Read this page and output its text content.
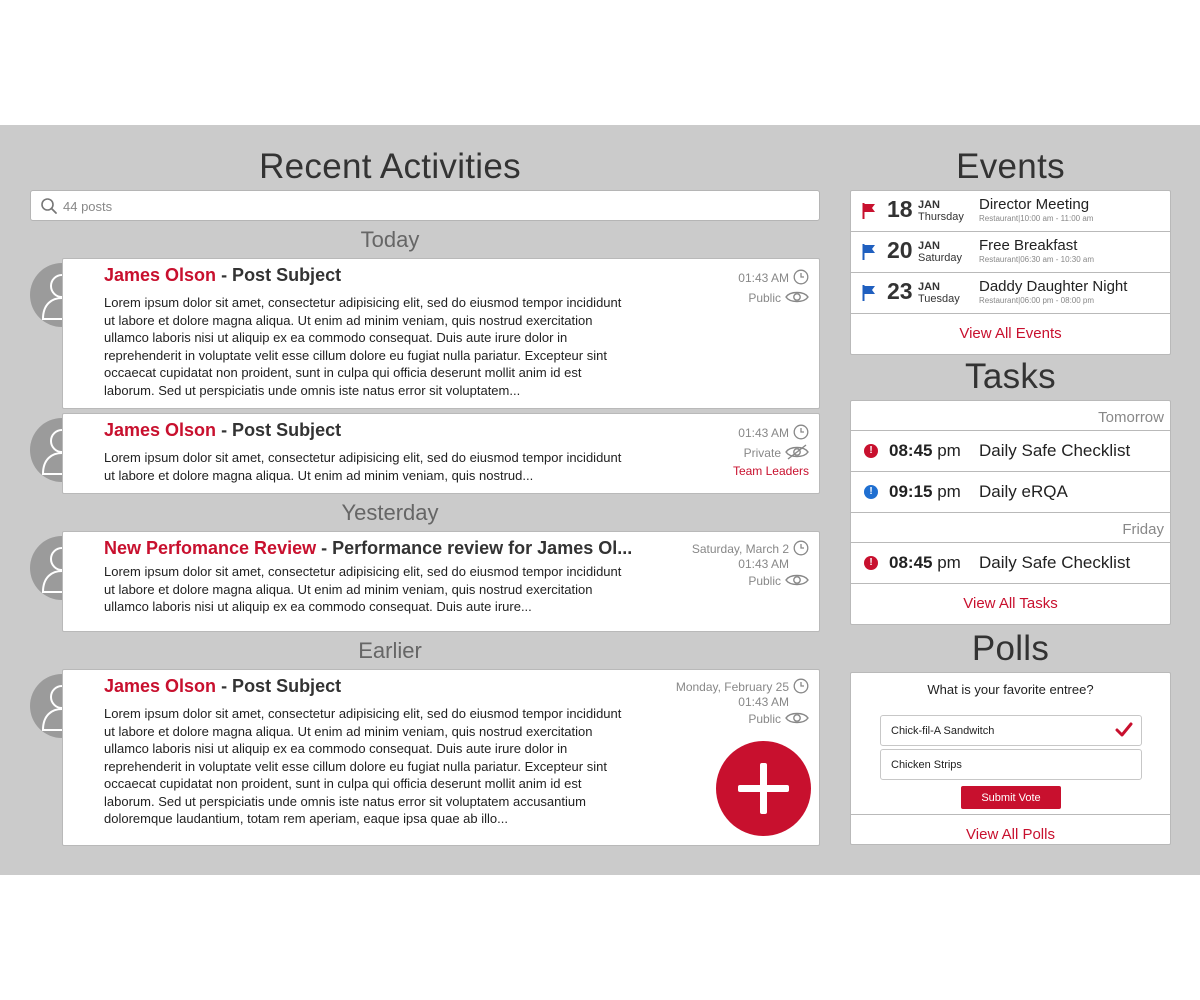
Recent Activities
44 posts
Today
James Olson - Post Subject
Lorem ipsum dolor sit amet, consectetur adipisicing elit, sed do eiusmod tempor incididunt ut labore et dolore magna aliqua. Ut enim ad minim veniam, quis nostrud exercitation ullamco laboris nisi ut aliquip ex ea commodo consequat. Duis aute irure dolor in reprehenderit in voluptate velit esse cillum dolore eu fugiat nulla pariatur. Excepteur sint occaecat cupidatat non proident, sunt in culpa qui officia deserunt mollit anim id est laborum. Sed ut perspiciatis unde omnis iste natus error sit voluptatem...
01:43 AM
Public
James Olson - Post Subject
Lorem ipsum dolor sit amet, consectetur adipisicing elit, sed do eiusmod tempor incididunt ut labore et dolore magna aliqua. Ut enim ad minim veniam, quis nostrud...
01:43 AM
Private
Team Leaders
Yesterday
New Perfomance Review - Performance review for James Ol...
Lorem ipsum dolor sit amet, consectetur adipisicing elit, sed do eiusmod tempor incididunt ut labore et dolore magna aliqua. Ut enim ad minim veniam, quis nostrud exercitation ullamco laboris nisi ut aliquip ex ea commodo consequat. Duis aute irure...
Saturday, March 2
01:43 AM
Public
Earlier
James Olson - Post Subject
Lorem ipsum dolor sit amet, consectetur adipisicing elit, sed do eiusmod tempor incididunt ut labore et dolore magna aliqua. Ut enim ad minim veniam, quis nostrud exercitation ullamco laboris nisi ut aliquip ex ea commodo consequat. Duis aute irure dolor in reprehenderit in voluptate velit esse cillum dolore eu fugiat nulla pariatur. Excepteur sint occaecat cupidatat non proident, sunt in culpa qui officia deserunt mollit anim id est laborum. Sed ut perspiciatis unde omnis iste natus error sit voluptatem accusantium doloremque laudantium, totam rem aperiam, eaque ipsa quae ab illo...
Monday, February 25
01:43 AM
Public
Events
18 JAN
Thursday
Director Meeting
Restaurant|10:00 am - 11:00 am
20 JAN
Saturday
Free Breakfast
Restaurant|06:30 am - 10:30 am
23 JAN
Tuesday
Daddy Daughter Night
Restaurant|06:00 pm - 08:00 pm
View All Events
Tasks
Tomorrow
! 08:45 pm Daily Safe Checklist
! 09:15 pm Daily eRQA
Friday
! 08:45 pm Daily Safe Checklist
View All Tasks
Polls
What is your favorite entree?
Chick-fil-A Sandwitch
Chicken Strips
Submit Vote
View All Polls
